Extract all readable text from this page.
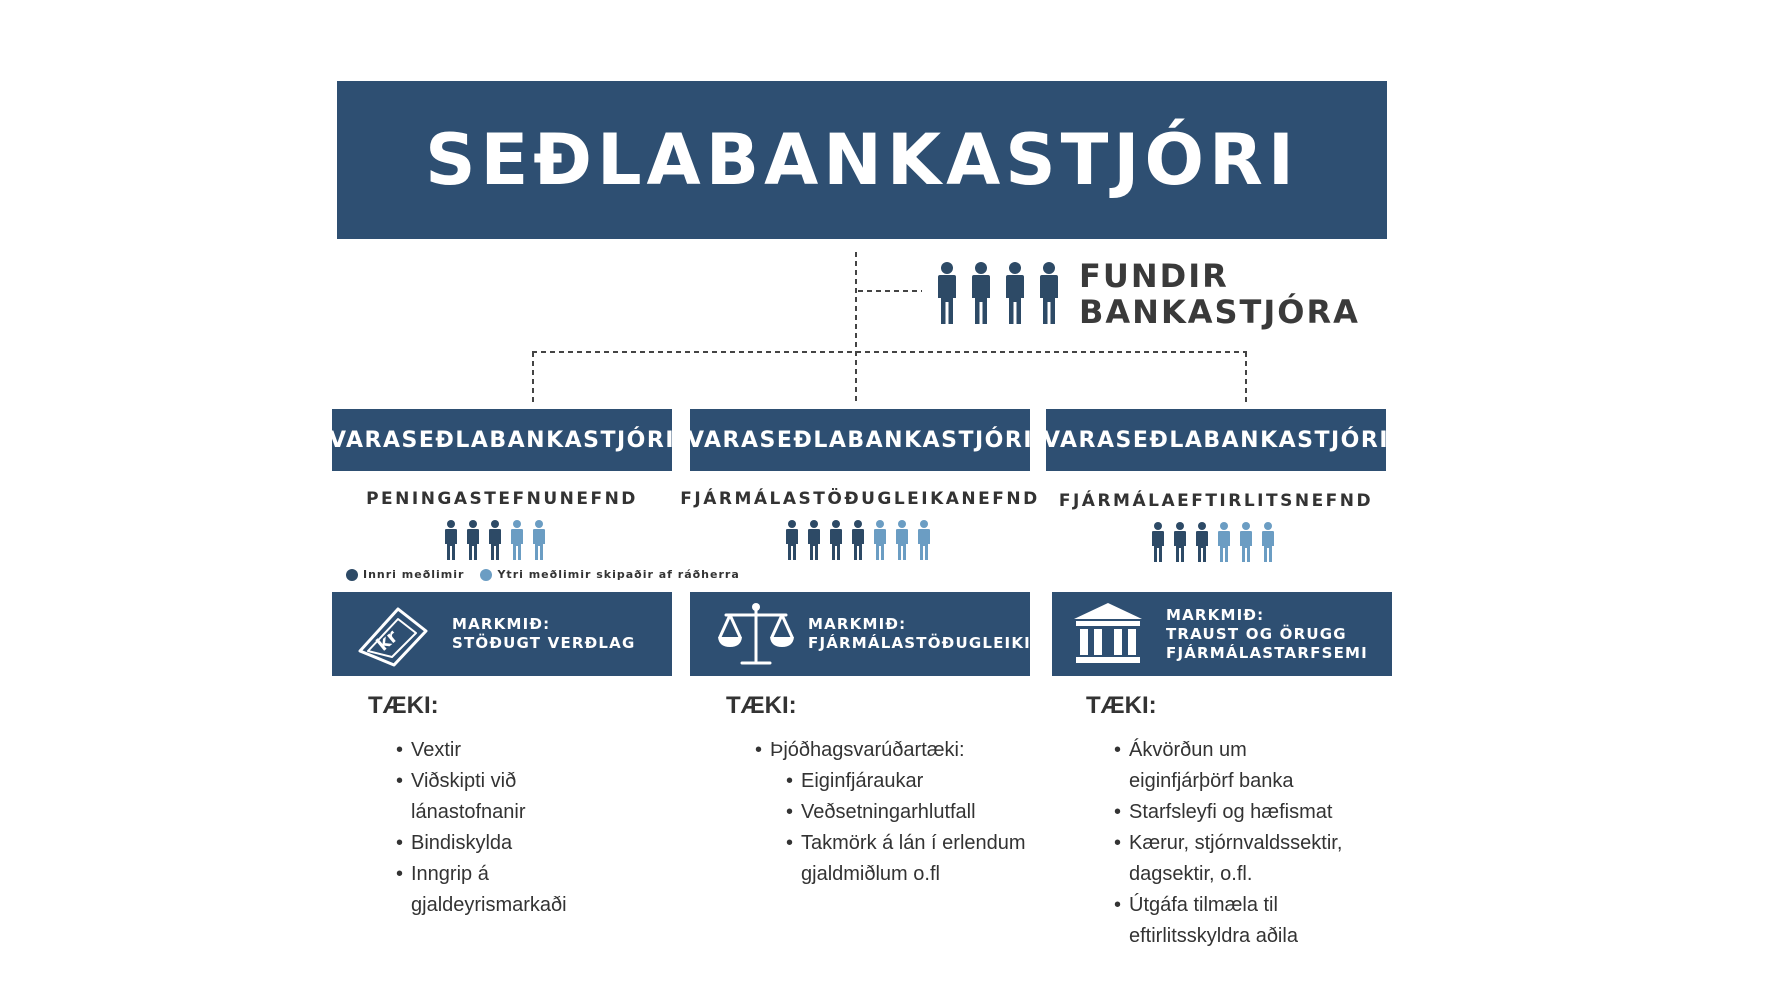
SEÐLABANKASTJÓRI
FUNDIR
BANKASTJÓRA
VARASEÐLABANKASTJÓRI
PENINGASTEFNUNEFND
Innri meðlimir	Ytri meðlimir skipaðir af ráðherra
kr
MARKMIÐ:
STÖÐUGT VERÐLAG
TÆKI:
• Vextir
• Viðskipti við
lánastofnanir
• Bindiskylda
• Inngrip á
gjaldeyrismarkaði
VARASEÐLABANKASTJÓRI
FJÁRMÁLASTÖÐUGLEIKANEFND
MARKMIÐ:
FJÁRMÁLASTÖÐUGLEIKI
TÆKI:
• Þjóðhagsvarúðartæki:
• Eiginfjáraukar
• Veðsetningarhlutfall
• Takmörk á lán í erlendum
gjaldmiðlum o.fl
VARASEÐLABANKASTJÓRI
FJÁRMÁLAEFTIRLITSNEFND
MARKMIÐ:
TRAUST OG ÖRUGG
FJÁRMÁLASTARFSEMI
TÆKI:
• Ákvörðun um
eiginfjárþörf banka
• Starfsleyfi og hæfismat
• Kærur, stjórnvaldssektir,
dagsektir, o.fl.
• Útgáfa tilmæla til
eftirlitsskyldra aðila
